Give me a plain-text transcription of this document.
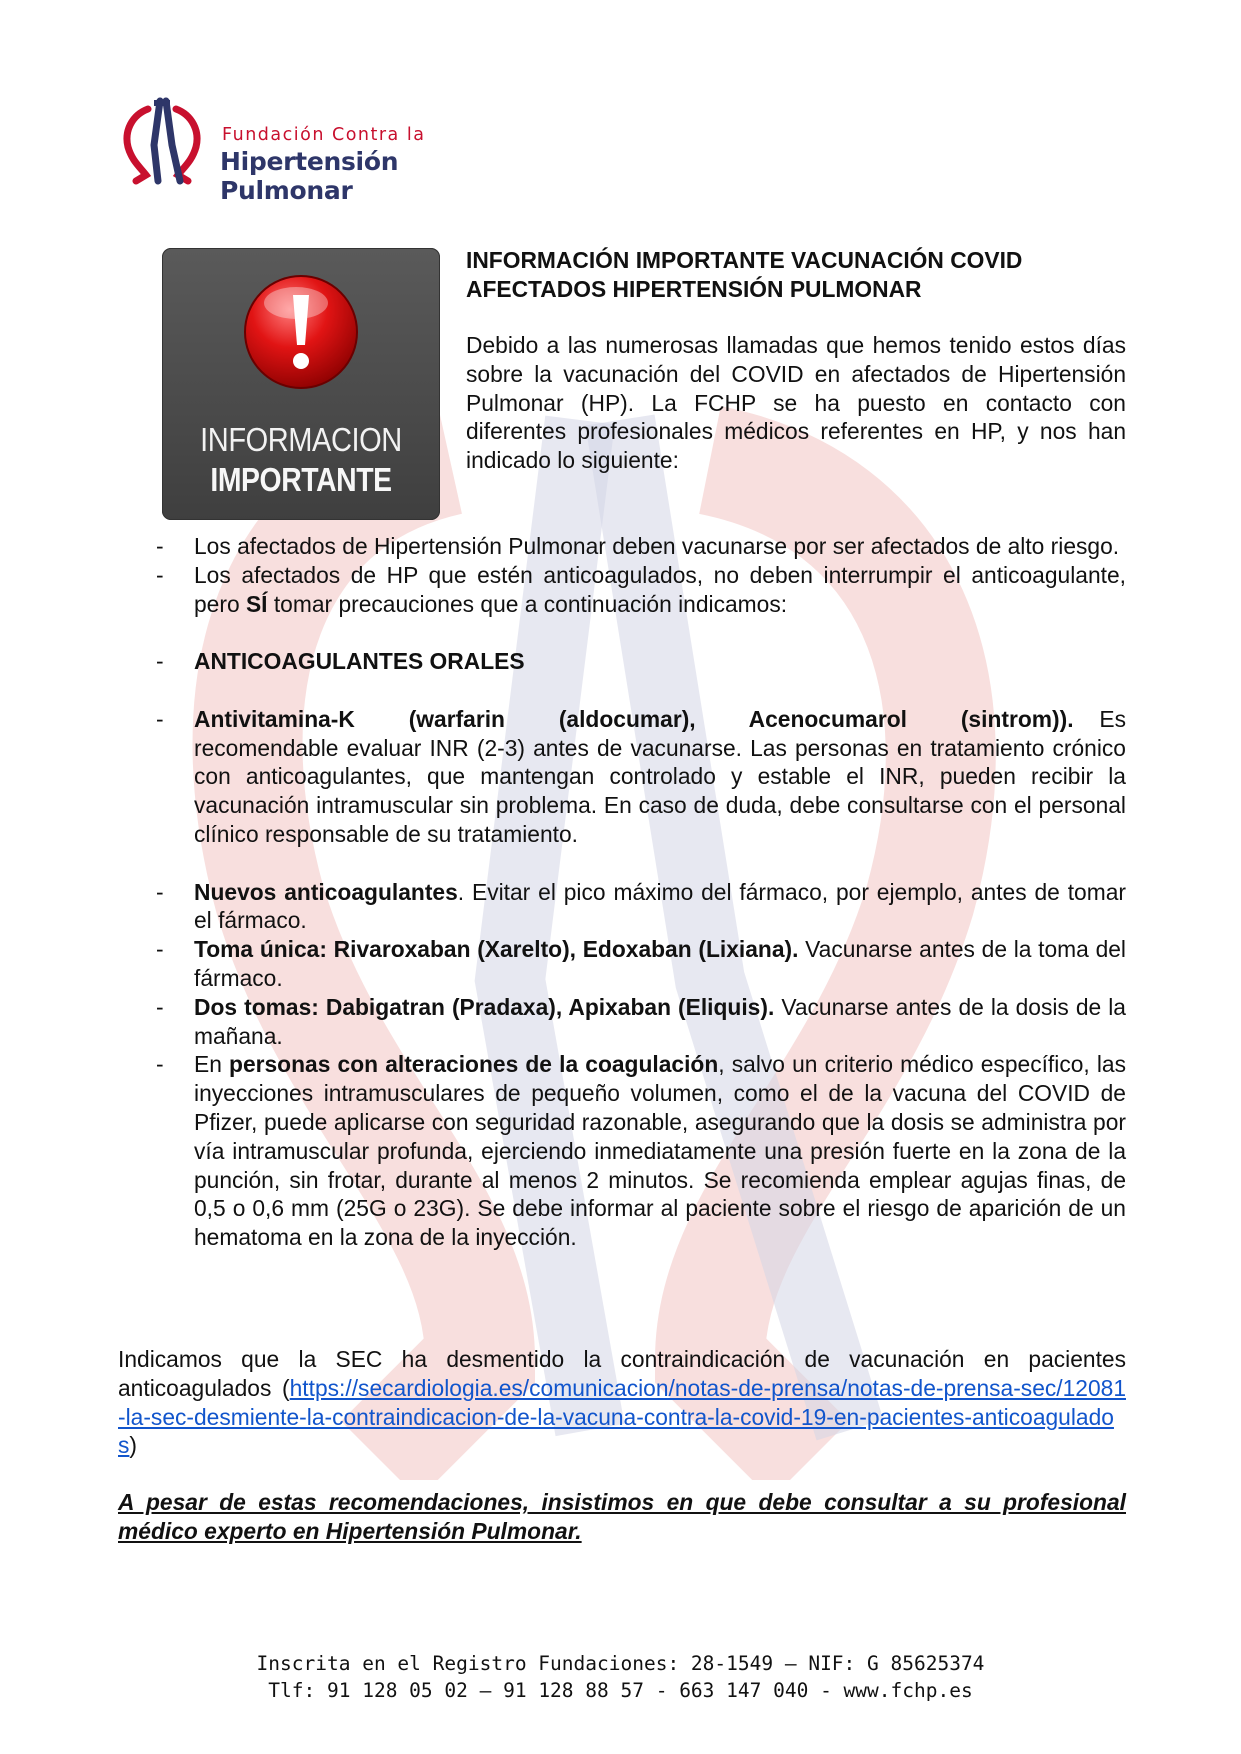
Fundación Contra la
Hipertensión Pulmonar
INFORMACION
IMPORTANTE
INFORMACIÓN IMPORTANTE VACUNACIÓN COVID
AFECTADOS HIPERTENSIÓN PULMONAR
Debido a las numerosas llamadas que hemos tenido estos días sobre la vacunación del COVID en afectados de Hipertensión Pulmonar (HP). La FCHP se ha puesto en contacto con diferentes profesionales médicos referentes en HP, y nos han indicado lo siguiente:
- Los afectados de Hipertensión Pulmonar deben vacunarse por ser afectados de alto riesgo.
- Los afectados de HP que estén anticoagulados, no deben interrumpir el anticoagulante, pero SÍ tomar precauciones que a continuación indicamos:
- ANTICOAGULANTES ORALES
- Antivitamina-K (warfarin (aldocumar), Acenocumarol (sintrom)). Es recomendable evaluar INR (2-3) antes de vacunarse. Las personas en tratamiento crónico con anticoagulantes, que mantengan controlado y estable el INR, pueden recibir la vacunación intramuscular sin problema. En caso de duda, debe consultarse con el personal clínico responsable de su tratamiento.
- Nuevos anticoagulantes. Evitar el pico máximo del fármaco, por ejemplo, antes de tomar el fármaco.
- Toma única: Rivaroxaban (Xarelto), Edoxaban (Lixiana). Vacunarse antes de la toma del fármaco.
- Dos tomas: Dabigatran (Pradaxa), Apixaban (Eliquis). Vacunarse antes de la dosis de la mañana.
- En personas con alteraciones de la coagulación, salvo un criterio médico específico, las inyecciones intramusculares de pequeño volumen, como el de la vacuna del COVID de Pfizer, puede aplicarse con seguridad razonable, asegurando que la dosis se administra por vía intramuscular profunda, ejerciendo inmediatamente una presión fuerte en la zona de la punción, sin frotar, durante al menos 2 minutos. Se recomienda emplear agujas finas, de 0,5 o 0,6 mm (25G o 23G). Se debe informar al paciente sobre el riesgo de aparición de un hematoma en la zona de la inyección.
Indicamos que la SEC ha desmentido la contraindicación de vacunación en pacientes anticoagulados (https://secardiologia.es/comunicacion/notas-de-prensa/notas-de-prensa-sec/12081-la-sec-desmiente-la-contraindicacion-de-la-vacuna-contra-la-covid-19-en-pacientes-anticoagulados)
A pesar de estas recomendaciones, insistimos en que debe consultar a su profesional médico experto en Hipertensión Pulmonar.
Inscrita en el Registro Fundaciones: 28-1549 – NIF: G 85625374
Tlf: 91 128 05 02 – 91 128 88 57 - 663 147 040 - www.fchp.es
